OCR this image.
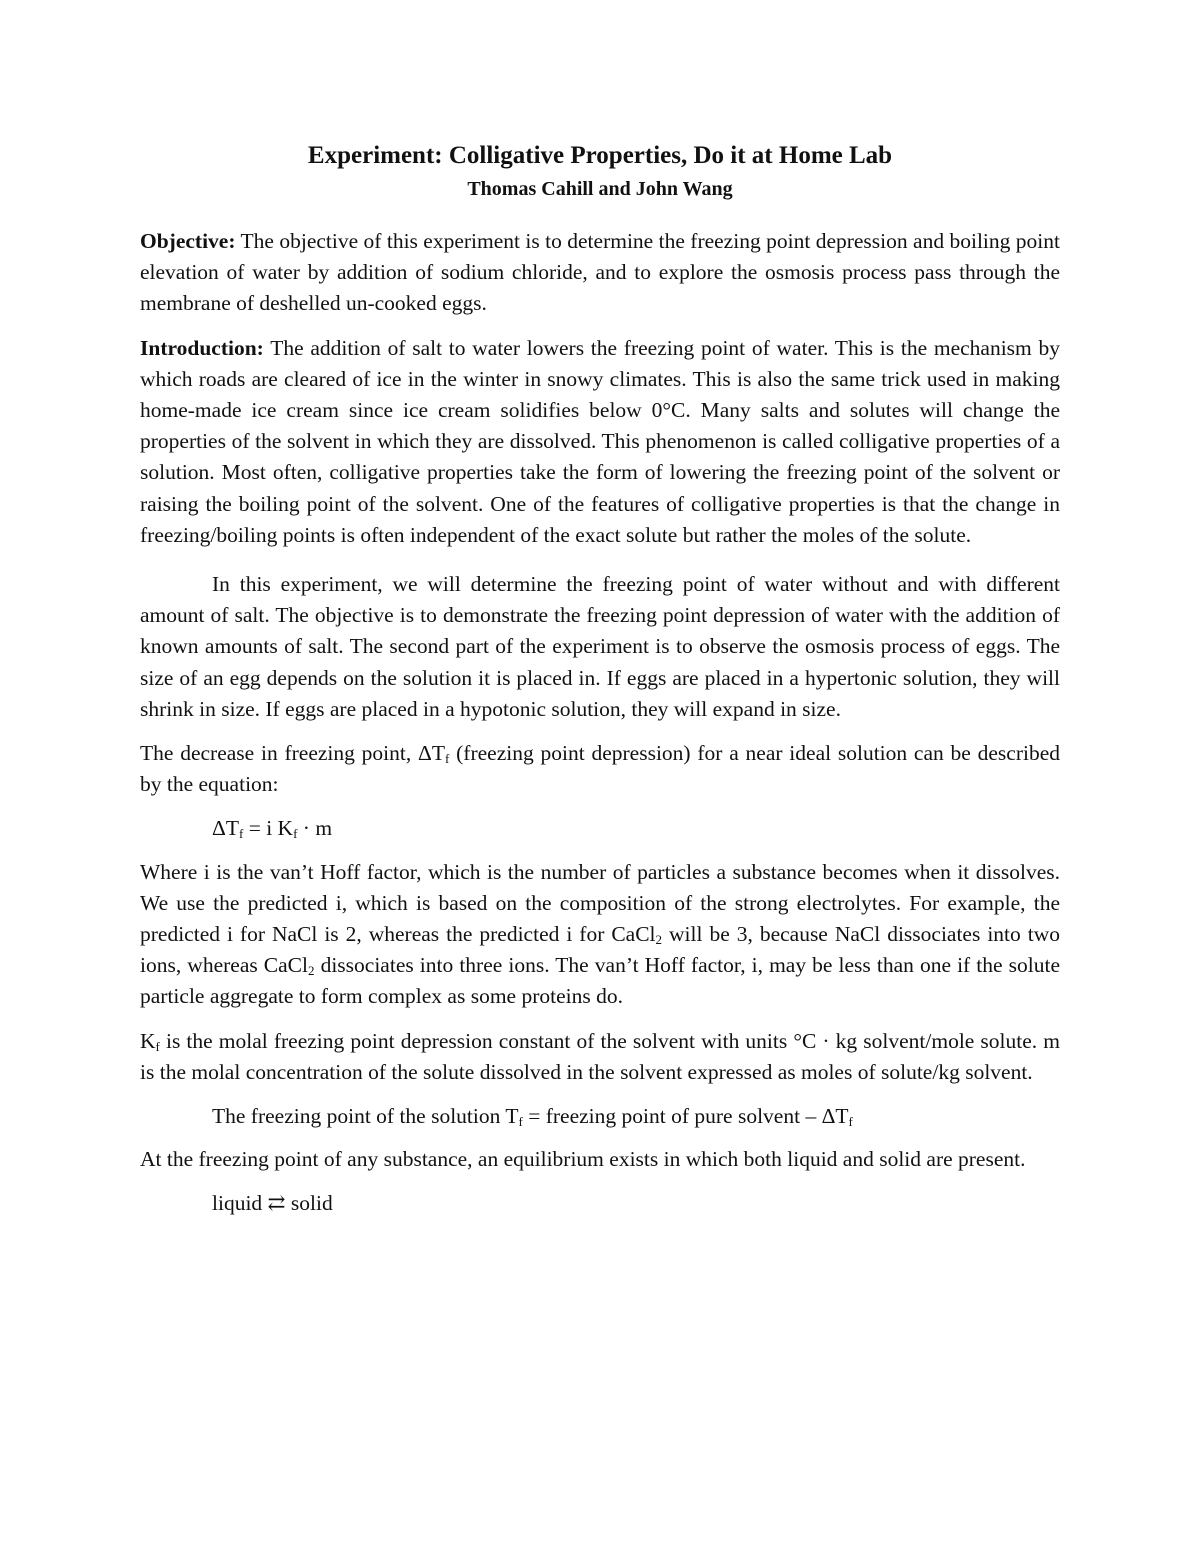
Experiment: Colligative Properties, Do it at Home Lab
Thomas Cahill and John Wang

Objective: The objective of this experiment is to determine the freezing point depression and boiling point elevation of water by addition of sodium chloride, and to explore the osmosis process pass through the membrane of deshelled un-cooked eggs.

Introduction: The addition of salt to water lowers the freezing point of water. This is the mechanism by which roads are cleared of ice in the winter in snowy climates. This is also the same trick used in making home-made ice cream since ice cream solidifies below 0°C. Many salts and solutes will change the properties of the solvent in which they are dissolved. This phenomenon is called colligative properties of a solution. Most often, colligative properties take the form of lowering the freezing point of the solvent or raising the boiling point of the solvent. One of the features of colligative properties is that the change in freezing/boiling points is often independent of the exact solute but rather the moles of the solute.

In this experiment, we will determine the freezing point of water without and with different amount of salt. The objective is to demonstrate the freezing point depression of water with the addition of known amounts of salt. The second part of the experiment is to observe the osmosis process of eggs. The size of an egg depends on the solution it is placed in. If eggs are placed in a hypertonic solution, they will shrink in size. If eggs are placed in a hypotonic solution, they will expand in size.

The decrease in freezing point, $\Delta T_f$ (freezing point depression) for a near ideal solution can be described by the equation:

$\Delta T_f = i$ $K_f \cdot m$

Where i is the van’t Hoff factor, which is the number of particles a substance becomes when it dissolves. We use the predicted i, which is based on the composition of the strong electrolytes. For example, the predicted i for NaCl is 2, whereas the predicted i for CaCl$_2$ will be 3, because NaCl dissociates into two ions, whereas CaCl$_2$ dissociates into three ions. The van’t Hoff factor, i, may be less than one if the solute particle aggregate to form complex as some proteins do.

$K_f$ is the molal freezing point depression constant of the solvent with units °C · kg solvent/mole solute. m is the molal concentration of the solute dissolved in the solvent expressed as moles of solute/kg solvent.

The freezing point of the solution $T_f$ = freezing point of pure solvent – $\Delta T_f$

At the freezing point of any substance, an equilibrium exists in which both liquid and solid are present.

liquid ⇄ solid
